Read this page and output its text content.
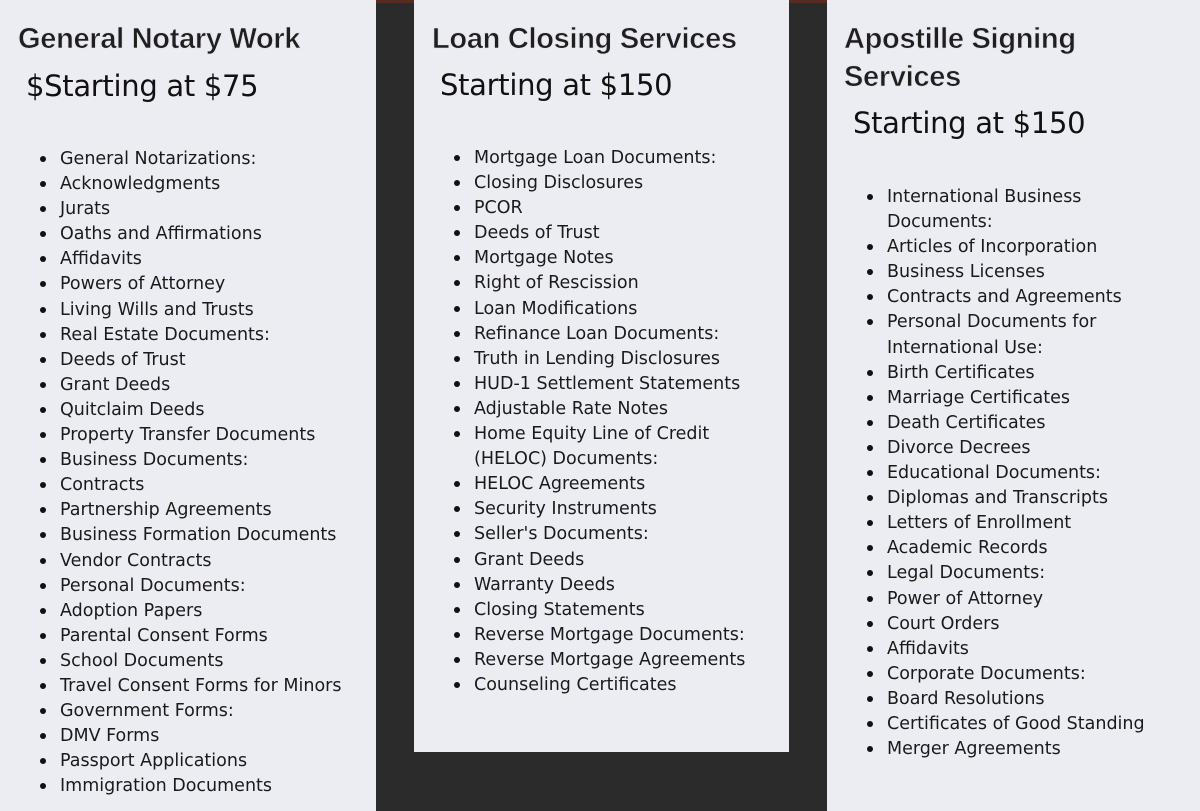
General Notary Work
$Starting at $75
General Notarizations:
Acknowledgments
Jurats
Oaths and Affirmations
Affidavits
Powers of Attorney
Living Wills and Trusts
Real Estate Documents:
Deeds of Trust
Grant Deeds
Quitclaim Deeds
Property Transfer Documents
Business Documents:
Contracts
Partnership Agreements
Business Formation Documents
Vendor Contracts
Personal Documents:
Adoption Papers
Parental Consent Forms
School Documents
Travel Consent Forms for Minors
Government Forms:
DMV Forms
Passport Applications
Immigration Documents
Loan Closing Services
Starting at $150
Mortgage Loan Documents:
Closing Disclosures
PCOR
Deeds of Trust
Mortgage Notes
Right of Rescission
Loan Modifications
Refinance Loan Documents:
Truth in Lending Disclosures
HUD-1 Settlement Statements
Adjustable Rate Notes
Home Equity Line of Credit (HELOC) Documents:
HELOC Agreements
Security Instruments
Seller's Documents:
Grant Deeds
Warranty Deeds
Closing Statements
Reverse Mortgage Documents:
Reverse Mortgage Agreements
Counseling Certificates
Apostille Signing Services
Starting at $150
International Business Documents:
Articles of Incorporation
Business Licenses
Contracts and Agreements
Personal Documents for International Use:
Birth Certificates
Marriage Certificates
Death Certificates
Divorce Decrees
Educational Documents:
Diplomas and Transcripts
Letters of Enrollment
Academic Records
Legal Documents:
Power of Attorney
Court Orders
Affidavits
Corporate Documents:
Board Resolutions
Certificates of Good Standing
Merger Agreements
